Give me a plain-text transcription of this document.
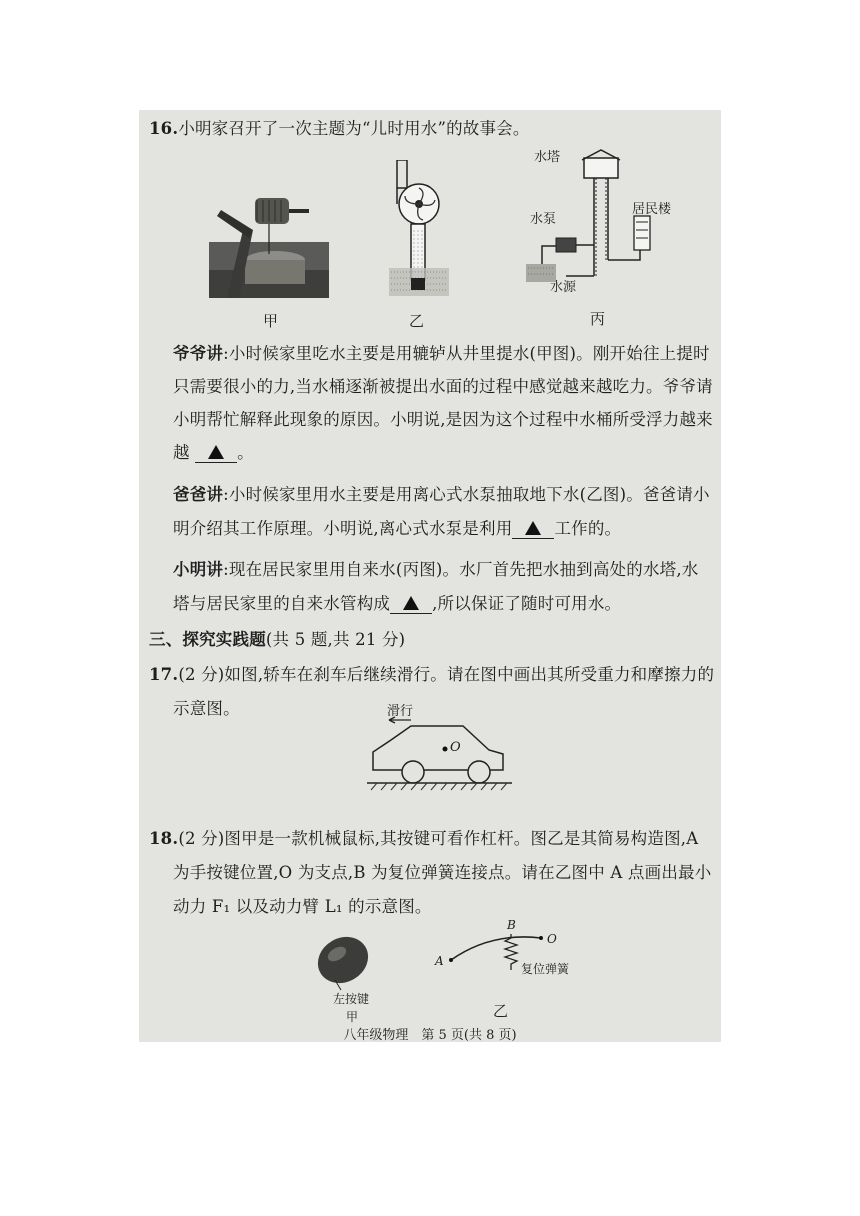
16.小明家召开了一次主题为“儿时用水”的故事会。
水塔
水泵
居民楼
水源
甲	乙	丙
爷爷讲:小时候家里吃水主要是用辘轳从井里提水(甲图)。刚开始往上提时
只需要很小的力,当水桶逐渐被提出水面的过程中感觉越来越吃力。爷爷请
小明帮忙解释此现象的原因。小明说,是因为这个过程中水桶所受浮力越来
越	。
爸爸讲:小时候家里用水主要是用离心式水泵抽取地下水(乙图)。爸爸请小
明介绍其工作原理。小明说,离心式水泵是利用	工作的。
小明讲:现在居民家里用自来水(丙图)。水厂首先把水抽到高处的水塔,水
塔与居民家里的自来水管构成	,所以保证了随时可用水。
三、探究实践题(共 5 题,共 21 分)
17.(2 分)如图,轿车在刹车后继续滑行。请在图中画出其所受重力和摩擦力的
示意图。	滑行
O
18.(2 分)图甲是一款机械鼠标,其按键可看作杠杆。图乙是其简易构造图,A
为手按键位置,O 为支点,B 为复位弹簧连接点。请在乙图中 A 点画出最小
动力 F₁ 以及动力臂 L₁ 的示意图。
左按键
甲
A
B
O
复位弹簧
乙
八年级物理　第 5 页(共 8 页)
